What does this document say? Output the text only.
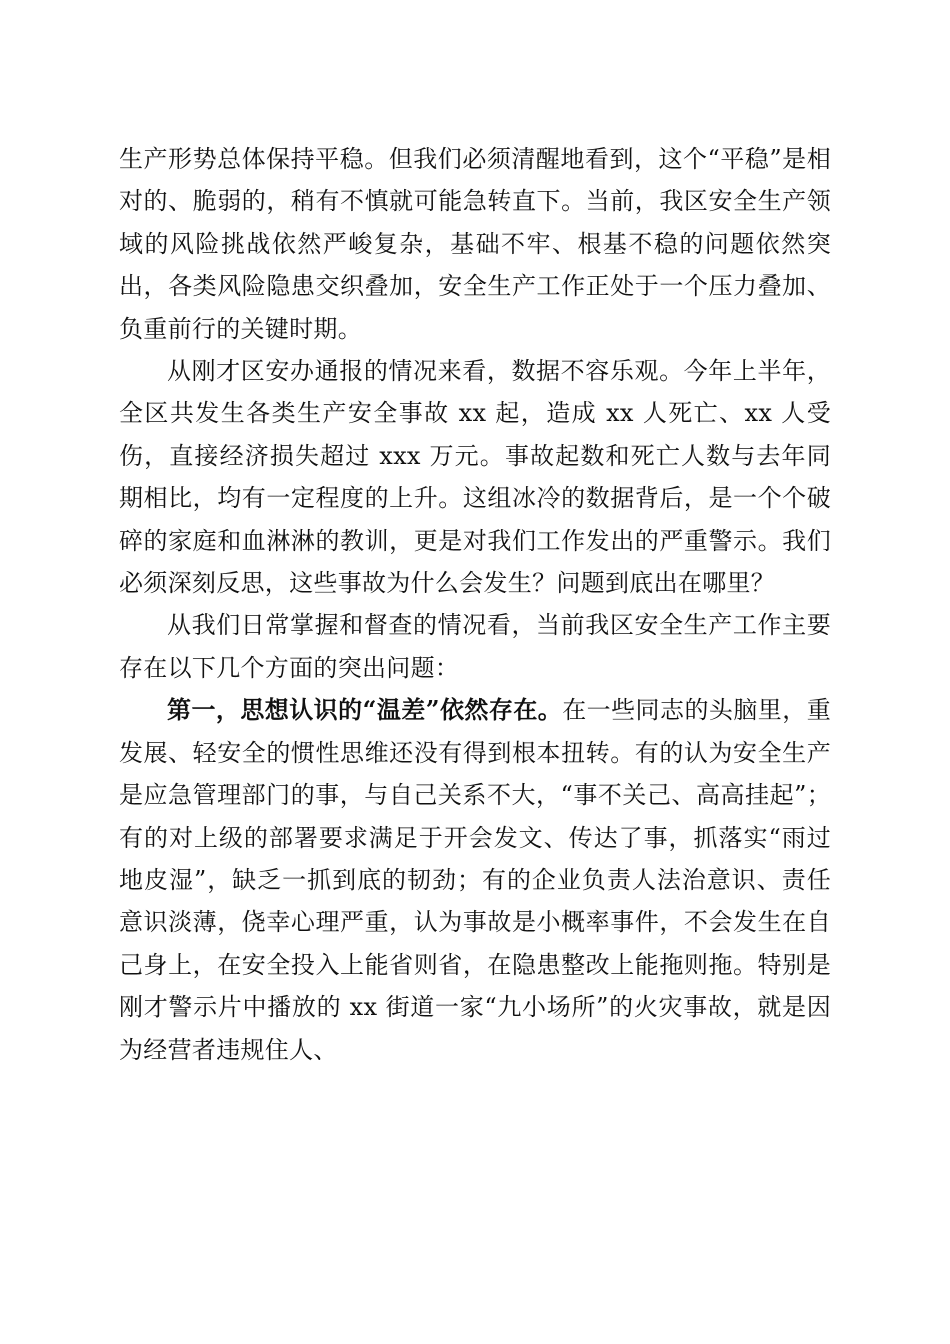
生产形势总体保持平稳。但我们必须清醒地看到，这个“平稳”是相对的、脆弱的，稍有不慎就可能急转直下。当前，我区安全生产领域的风险挑战依然严峻复杂，基础不牢、根基不稳的问题依然突出，各类风险隐患交织叠加，安全生产工作正处于一个压力叠加、负重前行的关键时期。

从刚才区安办通报的情况来看，数据不容乐观。今年上半年，全区共发生各类生产安全事故 xx 起，造成 xx 人死亡、xx 人受伤，直接经济损失超过 xxx 万元。事故起数和死亡人数与去年同期相比，均有一定程度的上升。这组冰冷的数据背后，是一个个破碎的家庭和血淋淋的教训，更是对我们工作发出的严重警示。我们必须深刻反思，这些事故为什么会发生？问题到底出在哪里？

从我们日常掌握和督查的情况看，当前我区安全生产工作主要存在以下几个方面的突出问题：

第一，思想认识的“温差”依然存在。在一些同志的头脑里，重发展、轻安全的惯性思维还没有得到根本扭转。有的认为安全生产是应急管理部门的事，与自己关系不大，“事不关己、高高挂起”；有的对上级的部署要求满足于开会发文、传达了事，抓落实“雨过地皮湿”，缺乏一抓到底的韧劲；有的企业负责人法治意识、责任意识淡薄，侥幸心理严重，认为事故是小概率事件，不会发生在自己身上，在安全投入上能省则省，在隐患整改上能拖则拖。特别是刚才警示片中播放的 xx 街道一家“九小场所”的火灾事故，就是因为经营者违规住人、
